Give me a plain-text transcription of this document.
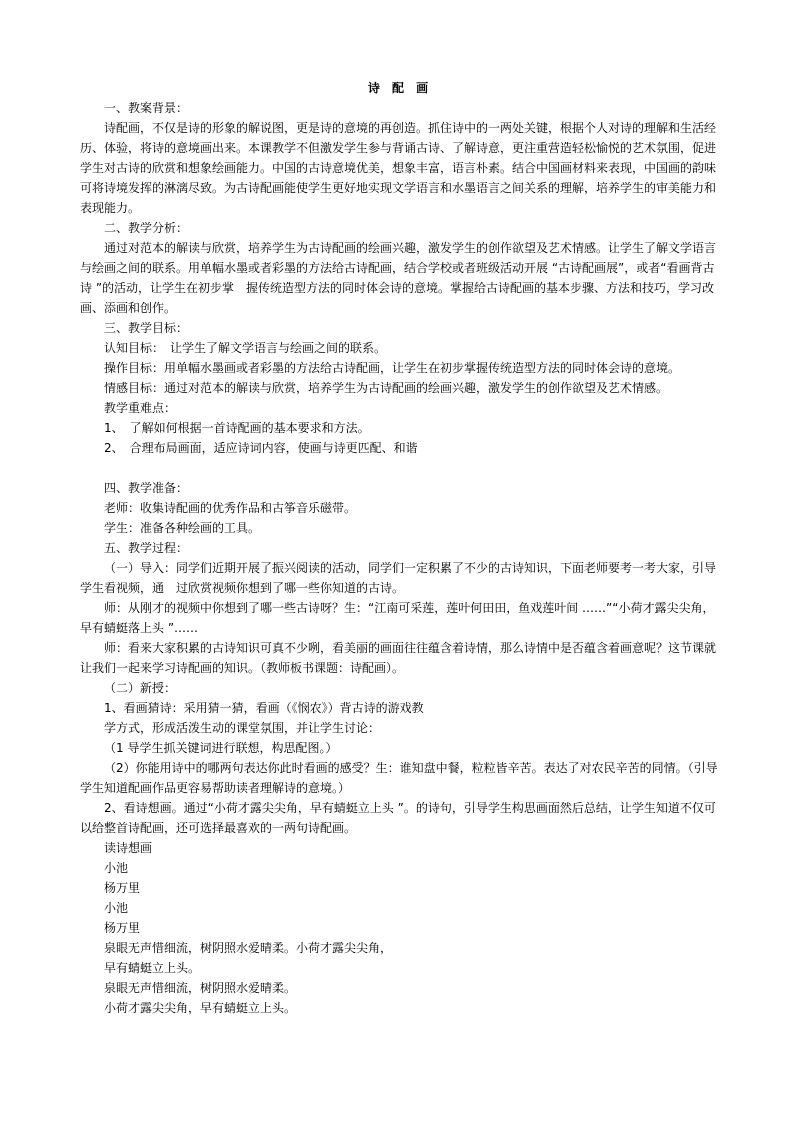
诗 配 画

一、教案背景：

诗配画，不仅是诗的形象的解说图，更是诗的意境的再创造。抓住诗中的一两处关键，根据个人对诗的理解和生活经历、体验，将诗的意境画出来。本课教学不但激发学生参与背诵古诗、了解诗意，更注重营造轻松愉悦的艺术氛围，促进学生对古诗的欣赏和想象绘画能力。中国的古诗意境优美，想象丰富，语言朴素。结合中国画材料来表现，中国画的韵味可将诗境发挥的淋漓尽致。为古诗配画能使学生更好地实现文学语言和水墨语言之间关系的理解，培养学生的审美能力和表现能力。

二、教学分析：

通过对范本的解读与欣赏，培养学生为古诗配画的绘画兴趣，激发学生的创作欲望及艺术情感。让学生了解文学语言与绘画之间的联系。用单幅水墨或者彩墨的方法给古诗配画，结合学校或者班级活动开展 “古诗配画展”，或者“看画背古诗 ”的活动，让学生在初步掌　握传统造型方法的同时体会诗的意境。掌握给古诗配画的基本步骤、方法和技巧，学习改画、添画和创作。

三、教学目标：

认知目标：　让学生了解文学语言与绘画之间的联系。

操作目标：用单幅水墨画或者彩墨的方法给古诗配画，让学生在初步掌握传统造型方法的同时体会诗的意境。

情感目标：通过对范本的解读与欣赏，培养学生为古诗配画的绘画兴趣，激发学生的创作欲望及艺术情感。

教学重难点：

1、　了解如何根据一首诗配画的基本要求和方法。

2、　合理布局画面，适应诗词内容，使画与诗更匹配、和谐

四、教学准备：

老师：收集诗配画的优秀作品和古筝音乐磁带。

学生：准备各种绘画的工具。

五、教学过程：

（一）导入：同学们近期开展了振兴阅读的活动，同学们一定积累了不少的古诗知识，下面老师要考一考大家，引导学生看视频，通　过欣赏视频你想到了哪一些你知道的古诗。

师：从刚才的视频中你想到了哪一些古诗呀？生：“江南可采莲，莲叶何田田，鱼戏莲叶间 ……”“小荷才露尖尖角，早有蜻蜓落上头 ”……

师：看来大家积累的古诗知识可真不少咧，看美丽的画面往往蕴含着诗情，那么诗情中是否蕴含着画意呢？这节课就让我们一起来学习诗配画的知识。（教师板书课题：诗配画）。

（二）新授：

1、看画猜诗：采用猜一猜，看画（《悯农》）背古诗的游戏教

学方式，形成活泼生动的课堂氛围，并让学生讨论：

（1 导学生抓关键词进行联想，构思配图。）

（2）你能用诗中的哪两句表达你此时看画的感受？生：谁知盘中餐，粒粒皆辛苦。表达了对农民辛苦的同情。（引导学生知道配画作品更容易帮助读者理解诗的意境。）

2、看诗想画。通过“小荷才露尖尖角，早有蜻蜓立上头 ”。的诗句，引导学生构思画面然后总结，让学生知道不仅可以给整首诗配画，还可选择最喜欢的一两句诗配画。

读诗想画

小池

杨万里

小池

杨万里

泉眼无声惜细流，树阴照水爱晴柔。小荷才露尖尖角，

早有蜻蜓立上头。

泉眼无声惜细流，树阴照水爱晴柔。

小荷才露尖尖角，早有蜻蜓立上头。
